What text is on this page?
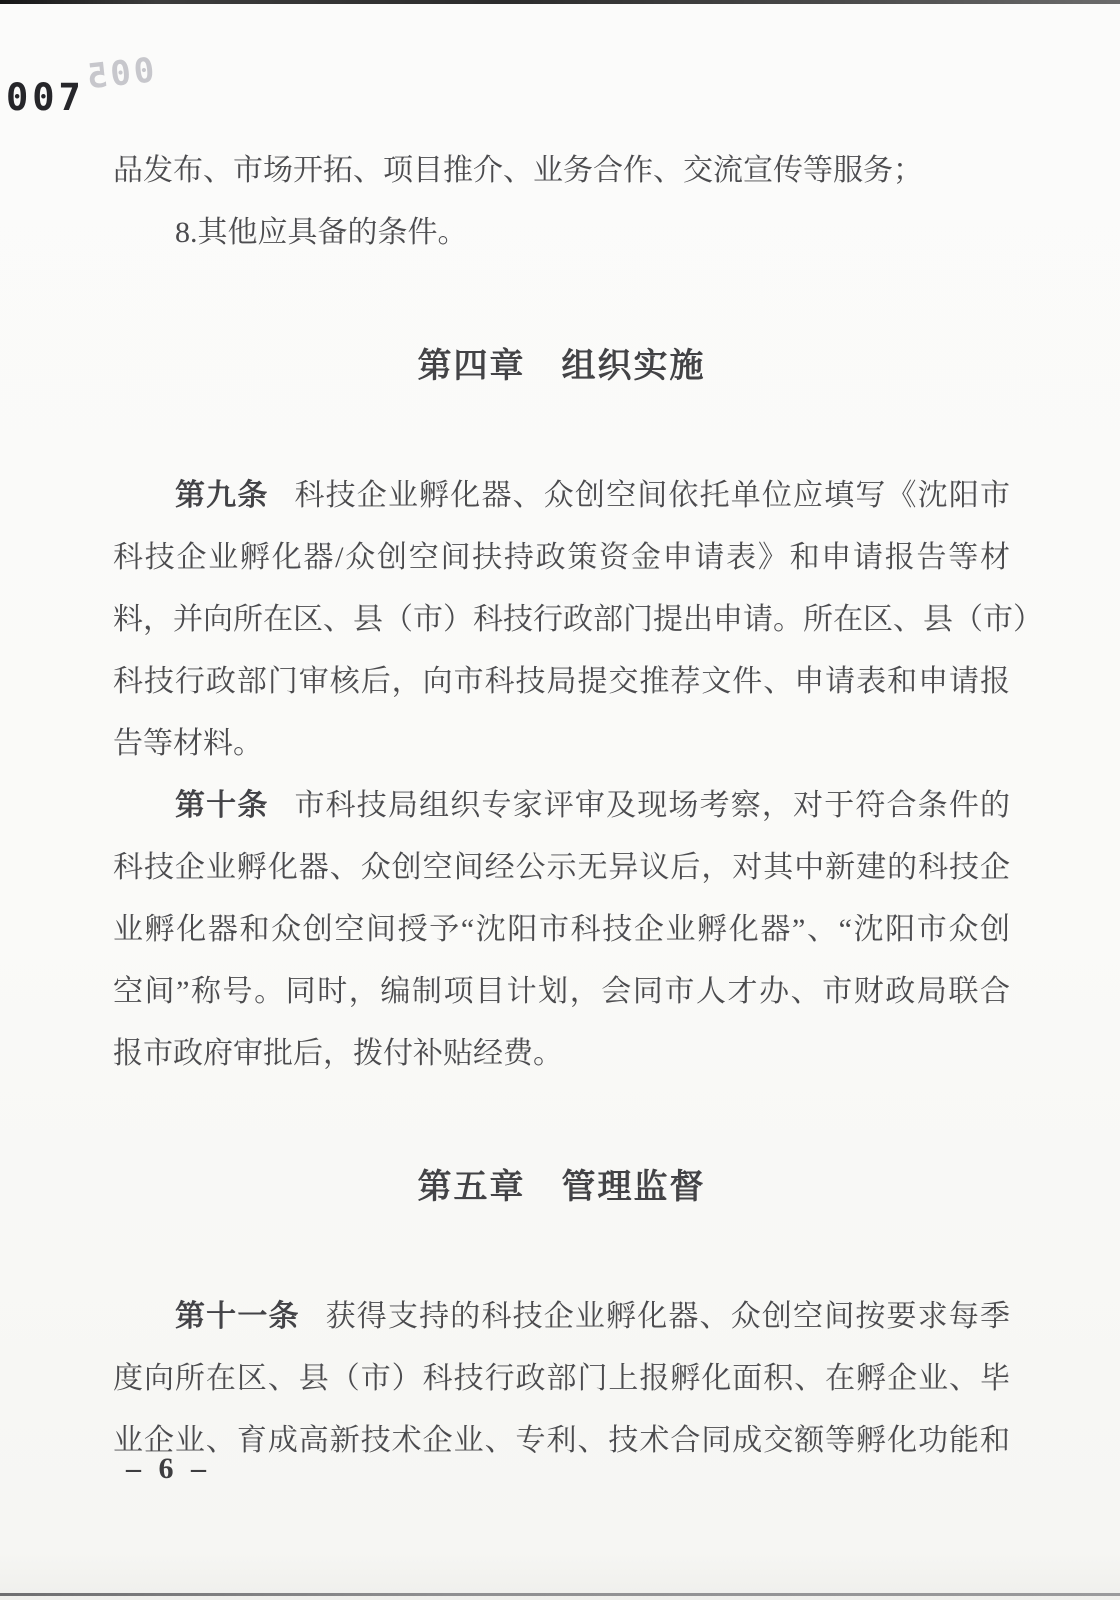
005
007
品发布、市场开拓、项目推介、业务合作、交流宣传等服务；
8.其他应具备的条件。
第四章　组织实施
第九条 科技企业孵化器、众创空间依托单位应填写《沈阳市
科技企业孵化器/众创空间扶持政策资金申请表》和申请报告等材
料，并向所在区、县（市）科技行政部门提出申请。所在区、县（市）
科技行政部门审核后，向市科技局提交推荐文件、申请表和申请报
告等材料。
第十条 市科技局组织专家评审及现场考察，对于符合条件的
科技企业孵化器、众创空间经公示无异议后，对其中新建的科技企
业孵化器和众创空间授予“沈阳市科技企业孵化器”、“沈阳市众创
空间”称号。同时，编制项目计划，会同市人才办、市财政局联合
报市政府审批后，拨付补贴经费。
第五章　管理监督
第十一条 获得支持的科技企业孵化器、众创空间按要求每季
度向所在区、县（市）科技行政部门上报孵化面积、在孵企业、毕
业企业、育成高新技术企业、专利、技术合同成交额等孵化功能和
– 6 –
